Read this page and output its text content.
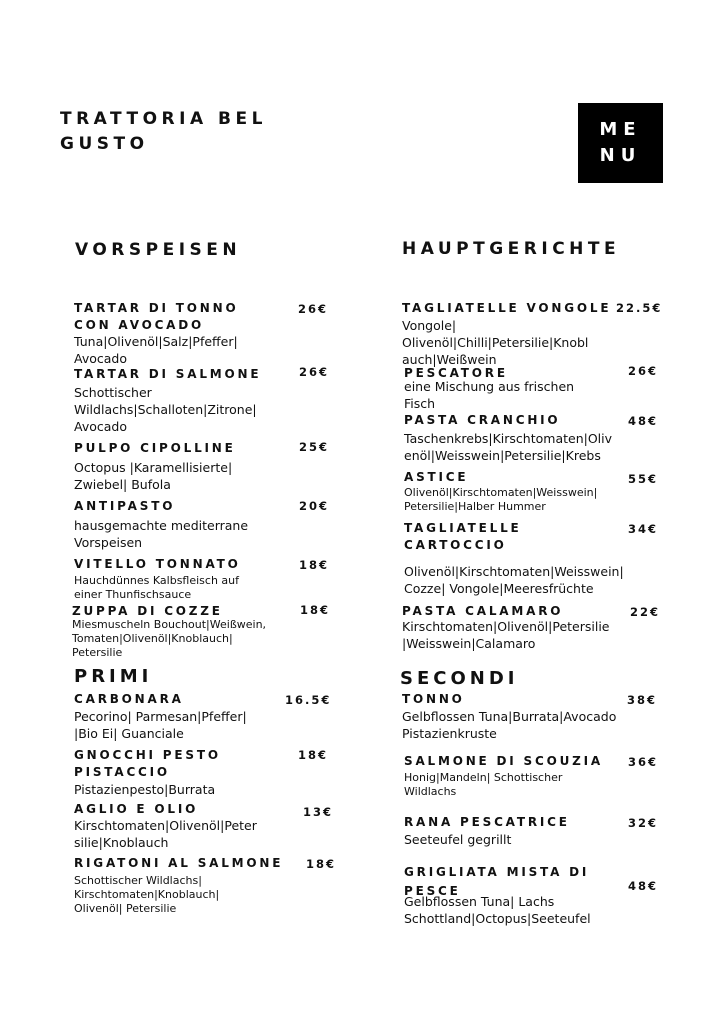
TRATTORIA BEL
GUSTO
ME
NU
VORSPEISEN	HAUPTGERICHTE
PRIMI	SECONDI
TARTAR DI TONNO
CON AVOCADO
26€
Tuna|Olivenöl|Salz|Pfeffer|
Avocado
TARTAR DI SALMONE	26€
Schottischer
Wildlachs|Schalloten|Zitrone|
Avocado
PULPO CIPOLLINE	25€
Octopus |Karamellisierte|
Zwiebel| Bufola
ANTIPASTO	20€
hausgemachte mediterrane
Vorspeisen
VITELLO TONNATO	18€
Hauchdünnes Kalbsfleisch auf
einer Thunfischsauce
ZUPPA DI COZZE	18€
Miesmuscheln Bouchout|Weißwein,
Tomaten|Olivenöl|Knoblauch|
Petersilie
CARBONARA	16.5€
Pecorino| Parmesan|Pfeffer|
|Bio Ei| Guanciale
GNOCCHI PESTO
PISTACCIO
18€
Pistazienpesto|Burrata
AGLIO E OLIO	13€
Kirschtomaten|Olivenöl|Peter
silie|Knoblauch
RIGATONI AL SALMONE	18€
Schottischer Wildlachs|
Kirschtomaten|Knoblauch|
Olivenöl| Petersilie
TAGLIATELLE VONGOLE 22.5€
Vongole|
Olivenöl|Chilli|Petersilie|Knobl
auch|Weißwein
PESCATORE	26€
eine Mischung aus frischen
Fisch
PASTA CRANCHIO	48€
Taschenkrebs|Kirschtomaten|Oliv
enöl|Weisswein|Petersilie|Krebs
ASTICE	55€
Olivenöl|Kirschtomaten|Weisswein|
Petersilie|Halber Hummer
TAGLIATELLE
CARTOCCIO
34€
Olivenöl|Kirschtomaten|Weisswein|
Cozze| Vongole|Meeresfrüchte
PASTA CALAMARO	22€
Kirschtomaten|Olivenöl|Petersilie
|Weisswein|Calamaro
TONNO	38€
Gelbflossen Tuna|Burrata|Avocado
Pistazienkruste
SALMONE DI SCOUZIA	36€
Honig|Mandeln| Schottischer
Wildlachs
RANA PESCATRICE	32€
Seeteufel gegrillt
GRIGLIATA MISTA DI
PESCE	48€
Gelbflossen Tuna| Lachs
Schottland|Octopus|Seeteufel
